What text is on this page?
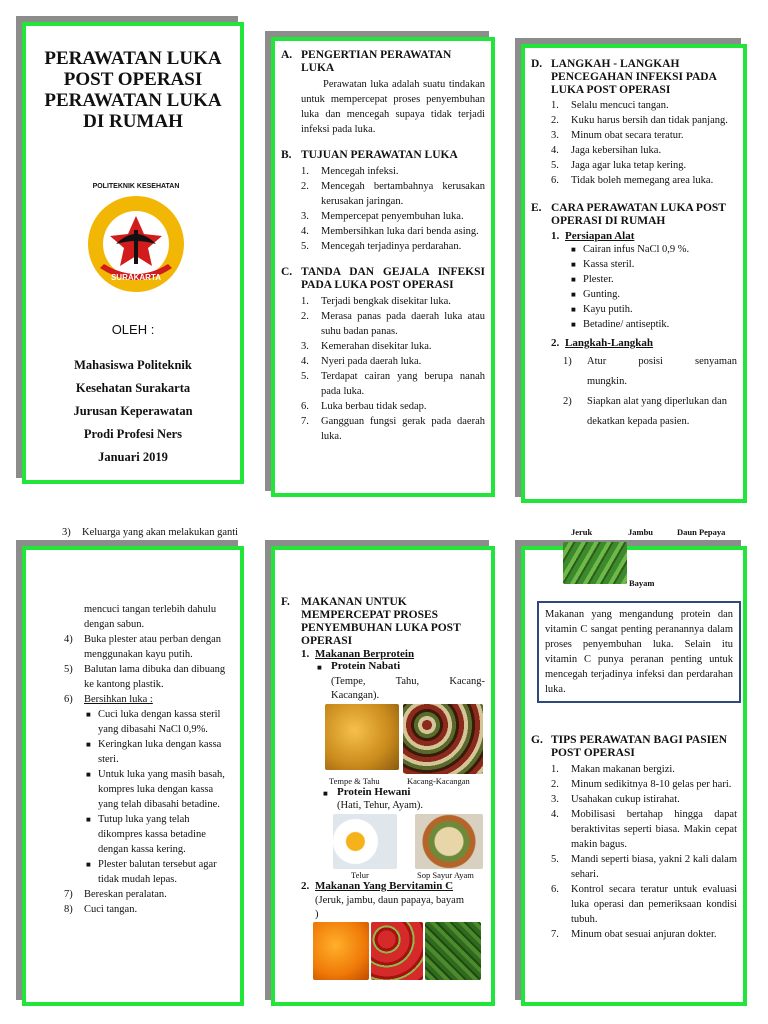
PERAWATAN LUKA
POST OPERASI
PERAWATAN LUKA
DI RUMAH
SURAKARTA
POLITEKNIK KESEHATAN
OLEH :
Mahasiswa Politeknik
Kesehatan Surakarta
Jurusan Keperawatan
Prodi Profesi Ners
Januari 2019
A. PENGERTIAN PERAWATAN
LUKA
Perawatan luka adalah suatu tindakan untuk mempercepat proses penyembuhan luka dan mencegah supaya tidak terjadi infeksi pada luka.
B. TUJUAN PERAWATAN LUKA
1.	Mencegah infeksi.
2.	Mencegah bertambahnya kerusakan kerusakan jaringan.
3.	Mempercepat penyembuhan luka.
4.	Membersihkan luka dari benda asing.
5.	Mencegah terjadinya perdarahan.
C. TANDA DAN GEJALA INFEKSI PADA LUKA POST OPERASI
1.	Terjadi bengkak disekitar luka.
2.	Merasa panas pada daerah luka atau suhu badan panas.
3.	Kemerahan disekitar luka.
4.	Nyeri pada daerah luka.
5.	Terdapat cairan yang berupa nanah pada luka.
6.	Luka berbau tidak sedap.
7.	Gangguan fungsi gerak pada daerah luka.
D. LANGKAH - LANGKAH PENCEGAHAN INFEKSI PADA LUKA POST OPERASI
1.	Selalu mencuci tangan.
2.	Kuku harus bersih dan tidak panjang.
3.	Minum obat secara teratur.
4.	Jaga kebersihan luka.
5.	Jaga agar luka tetap kering.
6.	Tidak boleh memegang area luka.
E. CARA PERAWATAN LUKA POST OPERASI DI RUMAH
1. Persiapan Alat
■ Cairan infus NaCl 0,9 %.
■ Kassa steril.
■ Plester.
■ Gunting.
■ Kayu putih.
■ Betadine/ antiseptik.
2. Langkah-Langkah
1)	Atur posisi senyaman mungkin.
2)	Siapkan alat yang diperlukan dan dekatkan kepada pasien.
3)	Keluarga yang akan melakukan ganti
mencuci tangan terlebih dahulu dengan sabun.
4)	Buka plester atau perban dengan menggunakan kayu putih.
5)	Balutan lama dibuka dan dibuang ke kantong plastik.
6)	Bersihkan luka :
■ Cuci luka dengan kassa steril yang dibasahi NaCl 0,9%.
■ Keringkan luka dengan kassa steri.
■ Untuk luka yang masih basah, kompres luka dengan kassa yang telah dibasahi betadine.
■ Tutup luka yang telah dikompres kassa betadine dengan kassa kering.
■ Plester balutan tersebut agar tidak mudah lepas.
7)	Bereskan peralatan.
8)	Cuci tangan.
F. MAKANAN UNTUK MEMPERCEPAT PROSES PENYEMBUHAN LUKA POST OPERASI
1. Makanan Berprotein
■ Protein Nabati
(Tempe, Tahu, Kacang-Kacangan).
Tempe & Tahu	Kacang-Kacangan
■ Protein Hewani
(Hati, Tehur, Ayam).
Telur	Sop Sayur Ayam
2. Makanan Yang Bervitamin C
(Jeruk, jambu, daun papaya, bayam )
Jeruk	Jambu	Daun Pepaya
Bayam
Makanan yang mengandung protein dan vitamin C sangat penting peranannya dalam proses penyembuhan luka. Selain itu vitamin C punya peranan penting untuk mencegah terjadinya infeksi dan perdarahan luka.
G. TIPS PERAWATAN BAGI PASIEN POST OPERASI
1.	Makan makanan bergizi.
2.	Minum sedikitnya 8-10 gelas per hari.
3.	Usahakan cukup istirahat.
4.	Mobilisasi bertahap hingga dapat beraktivitas seperti biasa. Makin cepat makin bagus.
5.	Mandi seperti biasa, yakni 2 kali dalam sehari.
6.	Kontrol secara teratur untuk evaluasi luka operasi dan pemeriksaan kondisi tubuh.
7.	Minum obat sesuai anjuran dokter.
